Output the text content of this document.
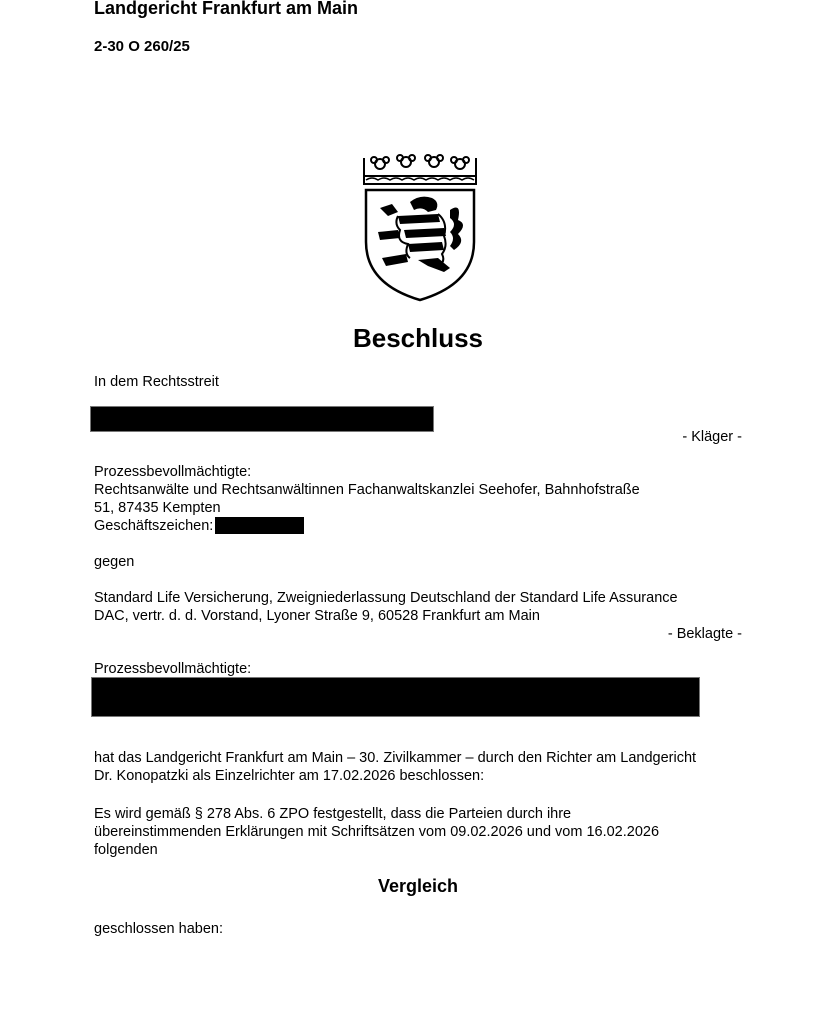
Landgericht Frankfurt am Main
2-30 O 260/25
Beschluss
In dem Rechtsstreit
- Kläger -
Prozessbevollmächtigte:
Rechtsanwälte und Rechtsanwältinnen Fachanwaltskanzlei Seehofer, Bahnhofstraße
51, 87435 Kempten
Geschäftszeichen:
gegen
Standard Life Versicherung, Zweigniederlassung Deutschland der Standard Life Assurance
DAC, vertr. d. d. Vorstand, Lyoner Straße 9, 60528 Frankfurt am Main
- Beklagte -
Prozessbevollmächtigte:
hat das Landgericht Frankfurt am Main – 30. Zivilkammer – durch den Richter am Landgericht
Dr. Konopatzki als Einzelrichter am 17.02.2026 beschlossen:
Es wird gemäß § 278 Abs. 6 ZPO festgestellt, dass die Parteien durch ihre
übereinstimmenden Erklärungen mit Schriftsätzen vom 09.02.2026 und vom 16.02.2026
folgenden
Vergleich
geschlossen haben:
